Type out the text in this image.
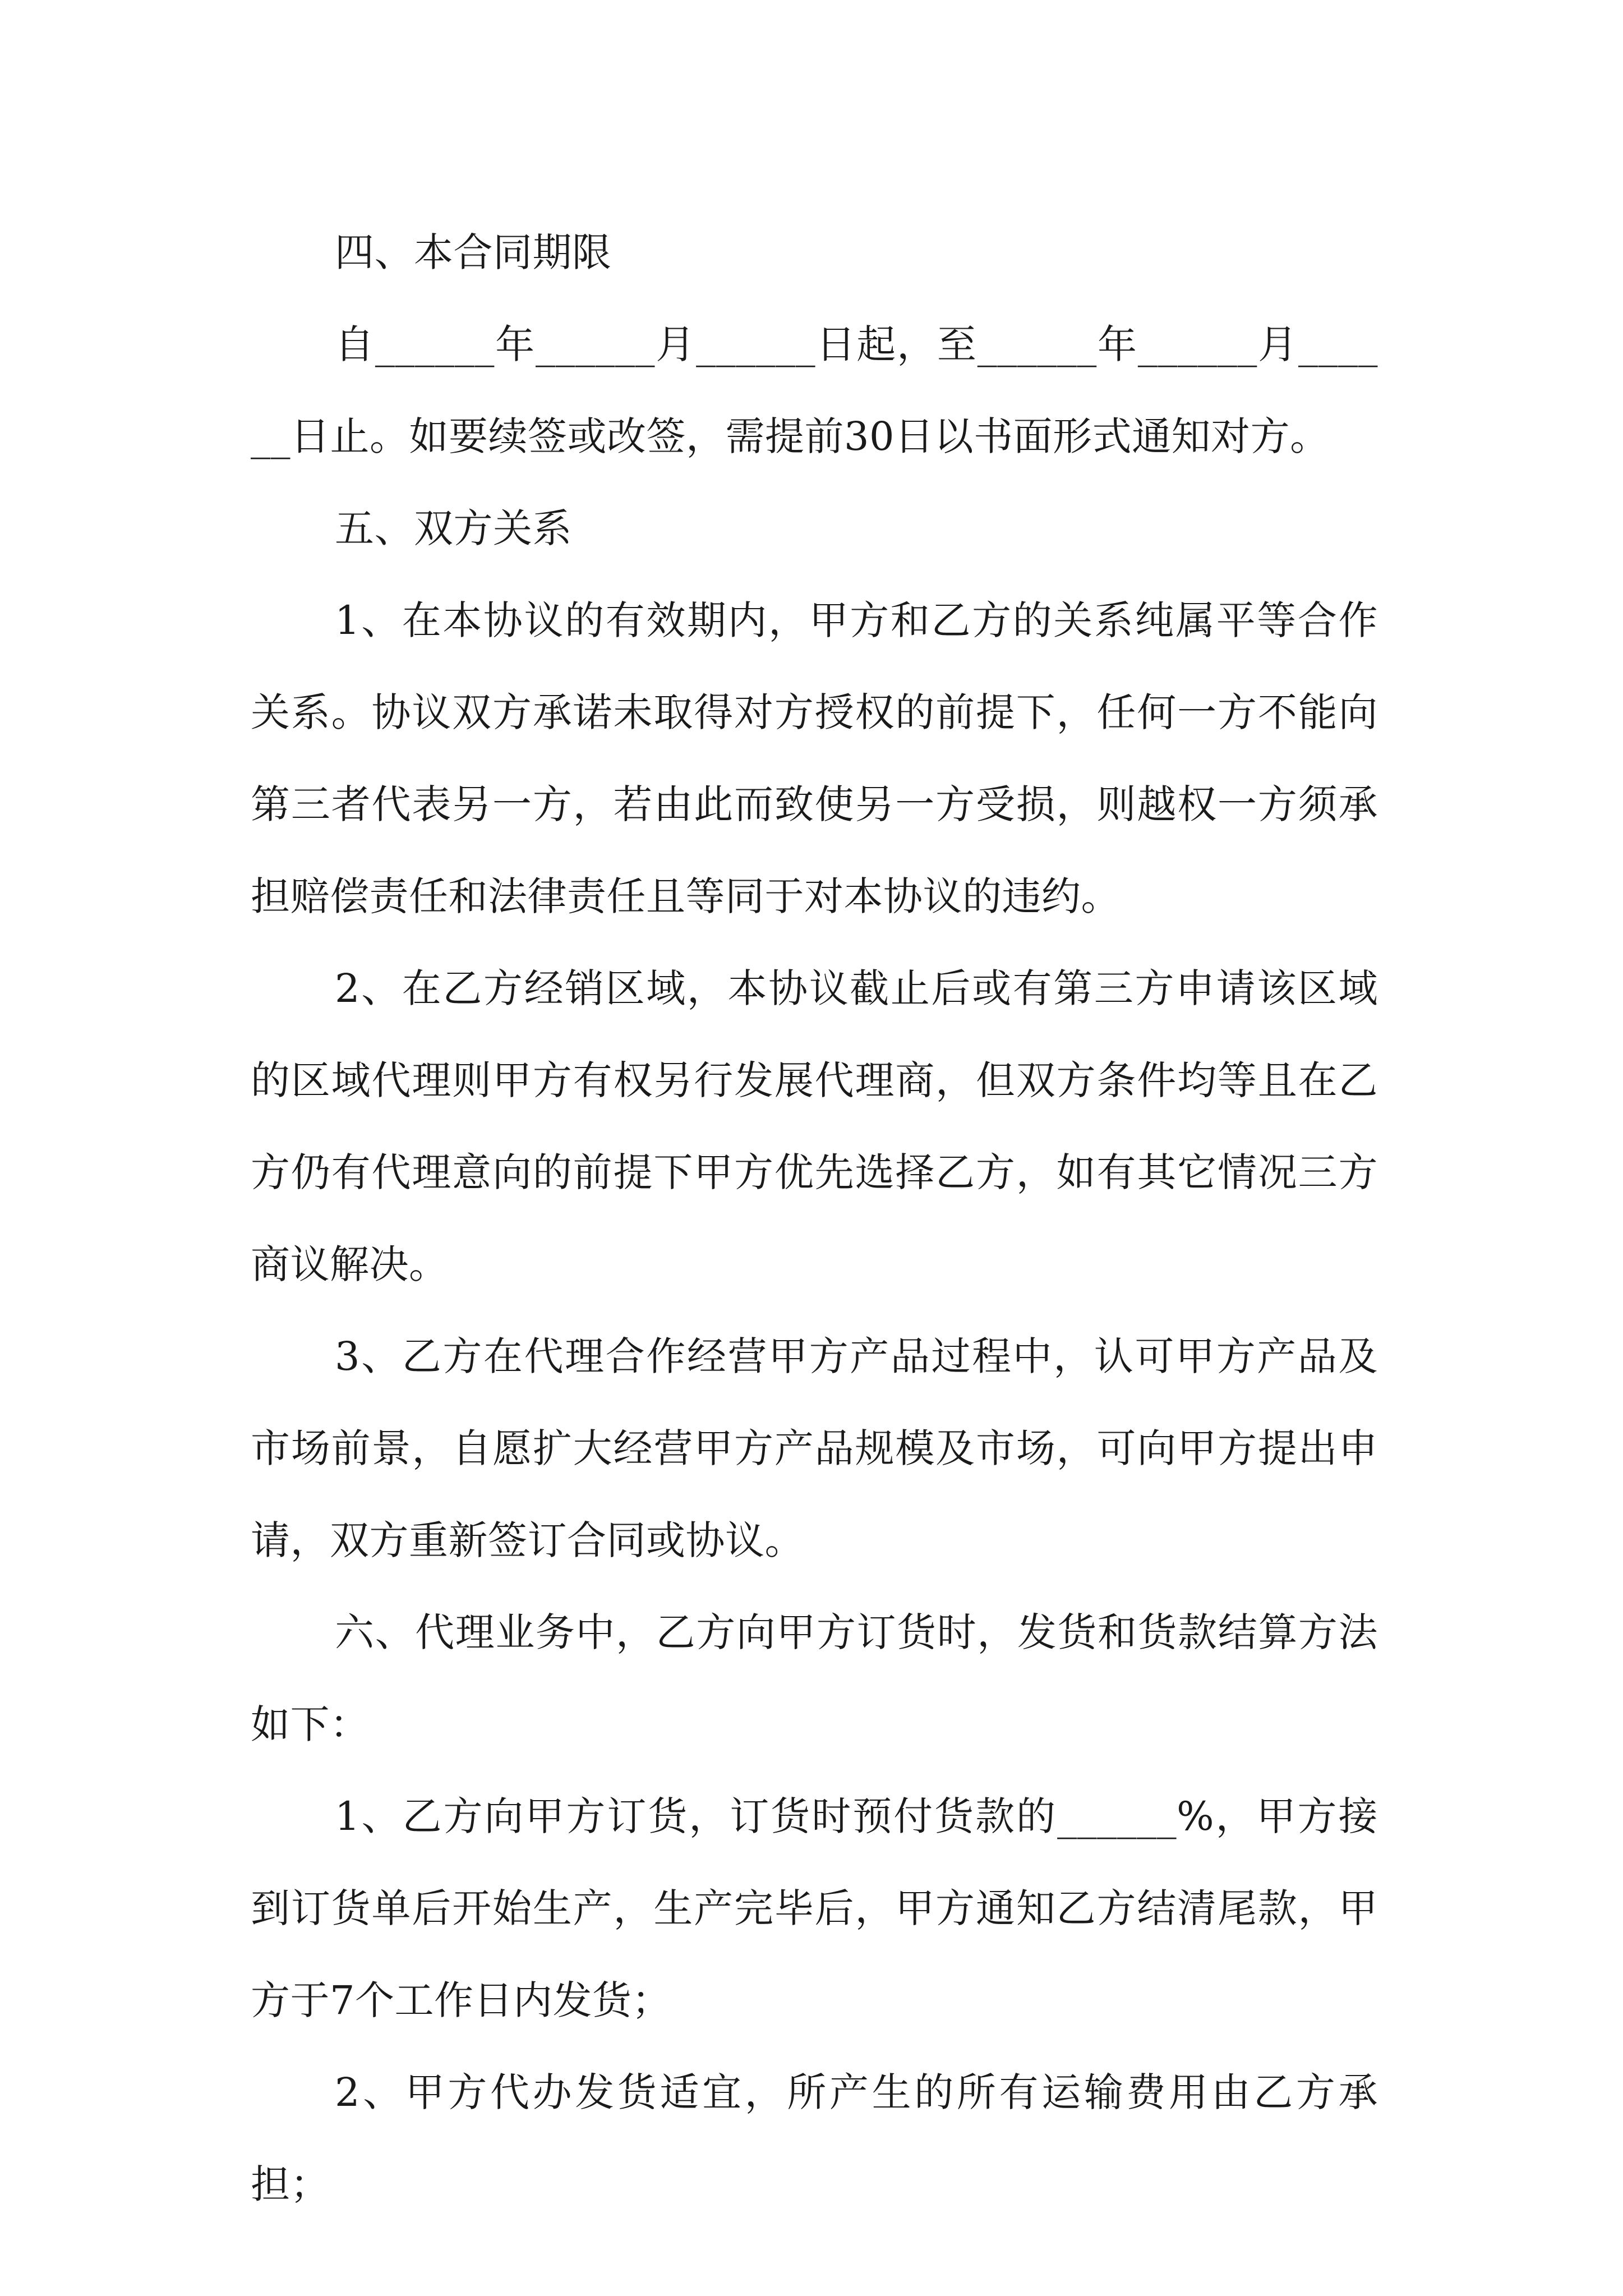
四、本合同期限

自______年______月______日起，至______年______月______日止。如要续签或改签，需提前30日以书面形式通知对方。

五、双方关系

1、在本协议的有效期内，甲方和乙方的关系纯属平等合作关系。协议双方承诺未取得对方授权的前提下，任何一方不能向第三者代表另一方，若由此而致使另一方受损，则越权一方须承担赔偿责任和法律责任且等同于对本协议的违约。

2、在乙方经销区域，本协议截止后或有第三方申请该区域的区域代理则甲方有权另行发展代理商，但双方条件均等且在乙方仍有代理意向的前提下甲方优先选择乙方，如有其它情况三方商议解决。

3、乙方在代理合作经营甲方产品过程中，认可甲方产品及市场前景，自愿扩大经营甲方产品规模及市场，可向甲方提出申请，双方重新签订合同或协议。

六、代理业务中，乙方向甲方订货时，发货和货款结算方法如下：

1、乙方向甲方订货，订货时预付货款的______%，甲方接到订货单后开始生产，生产完毕后，甲方通知乙方结清尾款，甲方于7个工作日内发货；

2、甲方代办发货适宜，所产生的所有运输费用由乙方承担；
